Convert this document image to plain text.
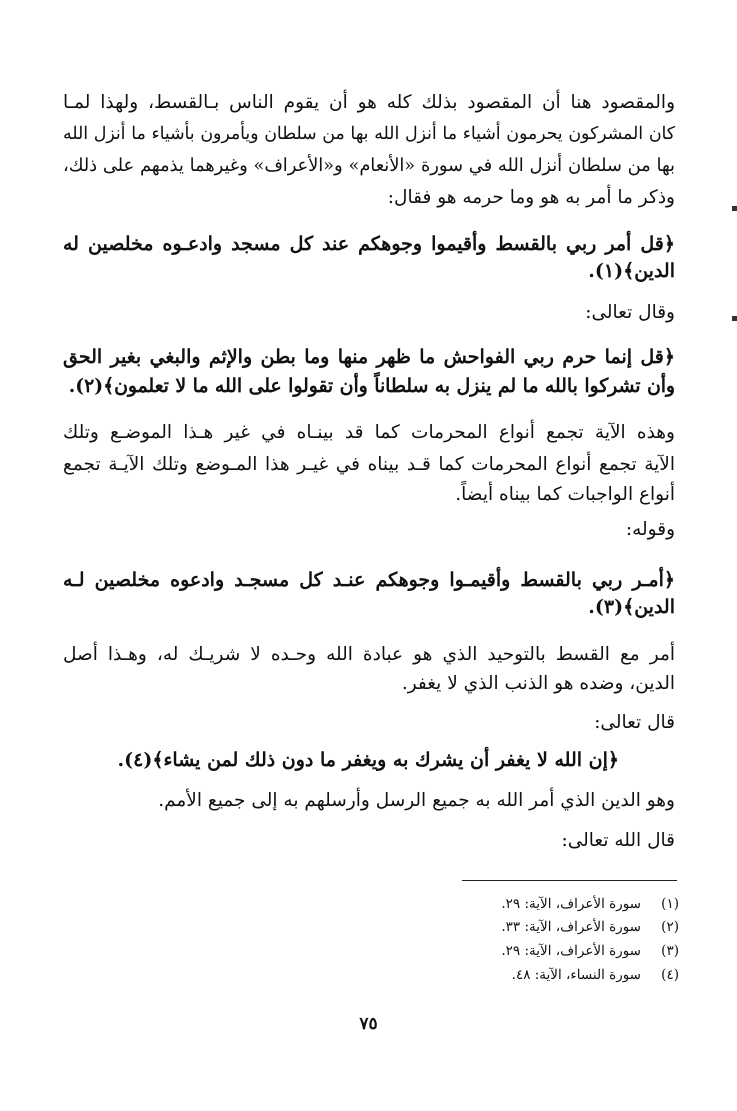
والمقصود هنا أن المقصود بذلك كله هو أن يقوم الناس بـالقسط، ولهذا لمـا
كان المشركون يحرمون أشياء ما أنزل الله بها من سلطان ويأمرون بأشياء ما أنزل الله
بها من سلطان أنزل الله في سورة «الأنعام» و«الأعراف» وغيرهما يذمهم على ذلك،
وذكر ما أمر به هو وما حرمه هو فقال:
﴿قل أمر ربي بالقسط وأقيموا وجوهكم عند كل مسجد وادعـوه مخلصين له
الدين﴾(١).
وقال تعالى:
﴿قل إنما حرم ربي الفواحش ما ظهر منها وما بطن والإثم والبغي بغير الحق
وأن تشركوا بالله ما لم ينزل به سلطاناً وأن تقولوا على الله ما لا تعلمون﴾(٢).
وهذه الآية تجمع أنواع المحرمات كما قد بينـاه في غير هـذا الموضـع وتلك
الآية تجمع أنواع المحرمات كما قـد بيناه في غيـر هذا المـوضع وتلك الآيـة تجمع
أنواع الواجبات كما بيناه أيضاً.
وقوله:
﴿أمـر ربي بالقسط وأقيمـوا وجوهكم عنـد كل مسجـد وادعوه مخلصين لـه
الدين﴾(٣).
أمر مع القسط بالتوحيد الذي هو عبادة الله وحـده لا شريـك له، وهـذا أصل
الدين، وضده هو الذنب الذي لا يغفر.
قال تعالى:
﴿إن الله لا يغفر أن يشرك به ويغفر ما دون ذلك لمن يشاء﴾(٤).
وهو الدين الذي أمر الله به جميع الرسل وأرسلهم به إلى جميع الأمم.
قال الله تعالى:
(١)سورة الأعراف، الآية: ٢٩.
(٢)سورة الأعراف، الآية: ٣٣.
(٣)سورة الأعراف، الآية: ٢٩.
(٤)سورة النساء، الآية: ٤٨.
٧٥
